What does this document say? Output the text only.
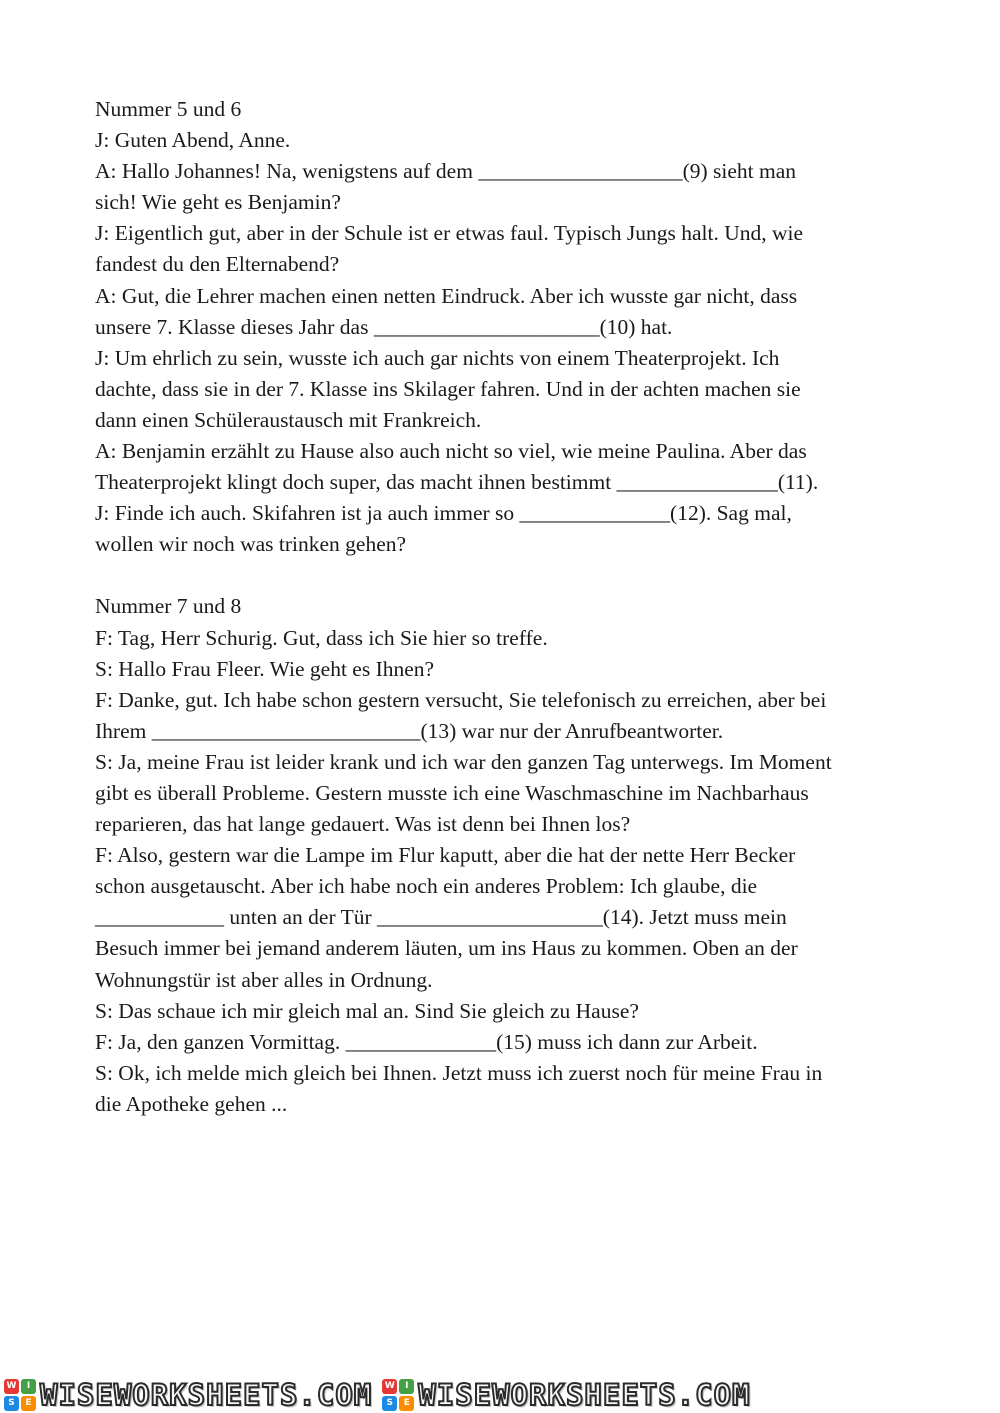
Nummer 5 und 6
J: Guten Abend, Anne.
A: Hallo Johannes! Na, wenigstens auf dem ___________________(9) sieht man
sich! Wie geht es Benjamin?
J: Eigentlich gut, aber in der Schule ist er etwas faul. Typisch Jungs halt. Und, wie
fandest du den Elternabend?
A: Gut, die Lehrer machen einen netten Eindruck. Aber ich wusste gar nicht, dass
unsere 7. Klasse dieses Jahr das _____________________(10) hat.
J: Um ehrlich zu sein, wusste ich auch gar nichts von einem Theaterprojekt. Ich
dachte, dass sie in der 7. Klasse ins Skilager fahren. Und in der achten machen sie
dann einen Schüleraustausch mit Frankreich.
A: Benjamin erzählt zu Hause also auch nicht so viel, wie meine Paulina. Aber das
Theaterprojekt klingt doch super, das macht ihnen bestimmt _______________(11).
J: Finde ich auch. Skifahren ist ja auch immer so ______________(12). Sag mal,
wollen wir noch was trinken gehen?
Nummer 7 und 8
F: Tag, Herr Schurig. Gut, dass ich Sie hier so treffe.
S: Hallo Frau Fleer. Wie geht es Ihnen?
F: Danke, gut. Ich habe schon gestern versucht, Sie telefonisch zu erreichen, aber bei
Ihrem _________________________(13) war nur der Anrufbeantworter.
S: Ja, meine Frau ist leider krank und ich war den ganzen Tag unterwegs. Im Moment
gibt es überall Probleme. Gestern musste ich eine Waschmaschine im Nachbarhaus
reparieren, das hat lange gedauert. Was ist denn bei Ihnen los?
F: Also, gestern war die Lampe im Flur kaputt, aber die hat der nette Herr Becker
schon ausgetauscht. Aber ich habe noch ein anderes Problem: Ich glaube, die
____________ unten an der Tür _____________________(14). Jetzt muss mein
Besuch immer bei jemand anderem läuten, um ins Haus zu kommen. Oben an der
Wohnungstür ist aber alles in Ordnung.
S: Das schaue ich mir gleich mal an. Sind Sie gleich zu Hause?
F: Ja, den ganzen Vormittag. ______________(15) muss ich dann zur Arbeit.
S: Ok, ich melde mich gleich bei Ihnen. Jetzt muss ich zuerst noch für meine Frau in
die Apotheke gehen ...
W	I
S	E WISEWORKSHEETS.COM W	I
S	E WISEWORKSHEETS.COM
